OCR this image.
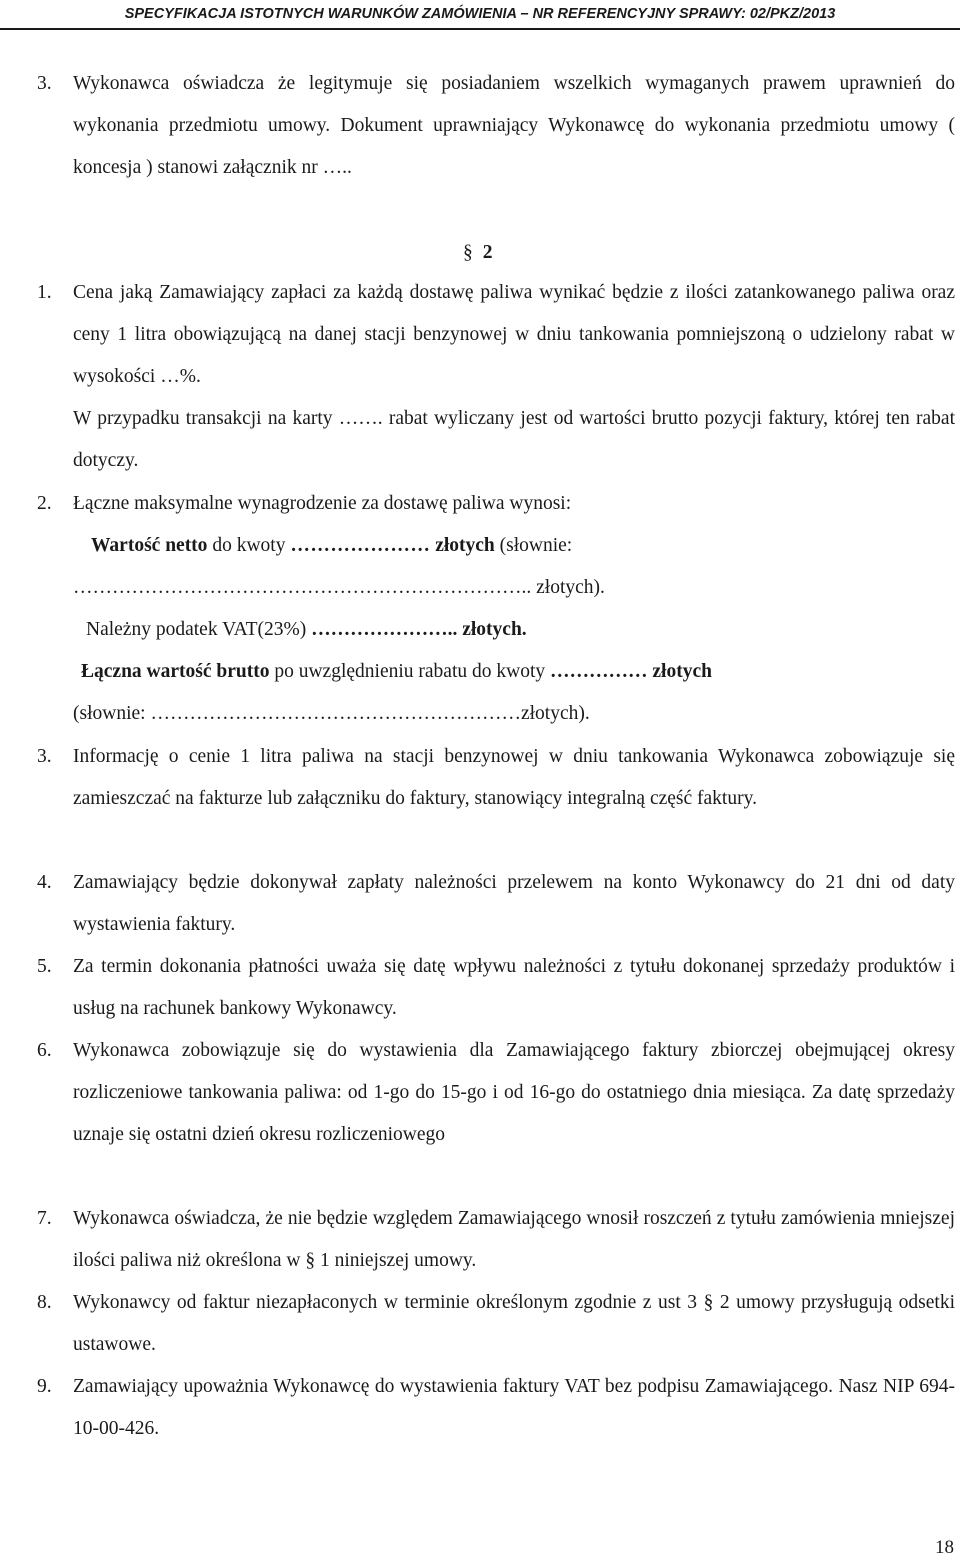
SPECYFIKACJA ISTOTNYCH WARUNKÓW ZAMÓWIENIA – NR REFERENCYJNY SPRAWY: 02/PKZ/2013
3. Wykonawca oświadcza że legitymuje się posiadaniem wszelkich wymaganych prawem uprawnień do wykonania przedmiotu umowy. Dokument uprawniający Wykonawcę do wykonania przedmiotu umowy ( koncesja ) stanowi załącznik nr …..

§ 2
1. Cena jaką Zamawiający zapłaci za każdą dostawę paliwa wynikać będzie z ilości zatankowanego paliwa oraz ceny 1 litra obowiązującą na danej stacji benzynowej w dniu tankowania pomniejszoną o udzielony rabat w wysokości …%.

W przypadku transakcji na karty ……. rabat wyliczany jest od wartości brutto pozycji faktury, której ten rabat dotyczy.

2. Łączne maksymalne wynagrodzenie za dostawę paliwa wynosi:

Wartość netto do kwoty ………………… złotych (słownie:
…………………………………………………………….. złotych).
Należny podatek VAT(23%) ………………….. złotych.
Łączna wartość brutto po uwzględnieniu rabatu do kwoty …………… złotych
(słownie: …………………………………………………złotych).
3. Informację o cenie 1 litra paliwa na stacji benzynowej w dniu tankowania Wykonawca zobowiązuje się zamieszczać na fakturze lub załączniku do faktury, stanowiący integralną część faktury.

4. Zamawiający będzie dokonywał zapłaty należności przelewem na konto Wykonawcy do 21 dni od daty wystawienia faktury.

5. Za termin dokonania płatności uważa się datę wpływu należności z tytułu dokonanej sprzedaży produktów i usług na rachunek bankowy Wykonawcy.

6. Wykonawca zobowiązuje się do wystawienia dla Zamawiającego faktury zbiorczej obejmującej okresy rozliczeniowe tankowania paliwa: od 1-go do 15-go i od 16-go do ostatniego dnia miesiąca. Za datę sprzedaży uznaje się ostatni dzień okresu rozliczeniowego

7. Wykonawca oświadcza, że nie będzie względem Zamawiającego wnosił roszczeń z tytułu zamówienia mniejszej ilości paliwa niż określona w § 1 niniejszej umowy.

8. Wykonawcy od faktur niezapłaconych w terminie określonym zgodnie z ust 3 § 2 umowy przysługują odsetki ustawowe.

9. Zamawiający upoważnia Wykonawcę do wystawienia faktury VAT bez podpisu Zamawiającego. Nasz NIP 694-10-00-426.

18
